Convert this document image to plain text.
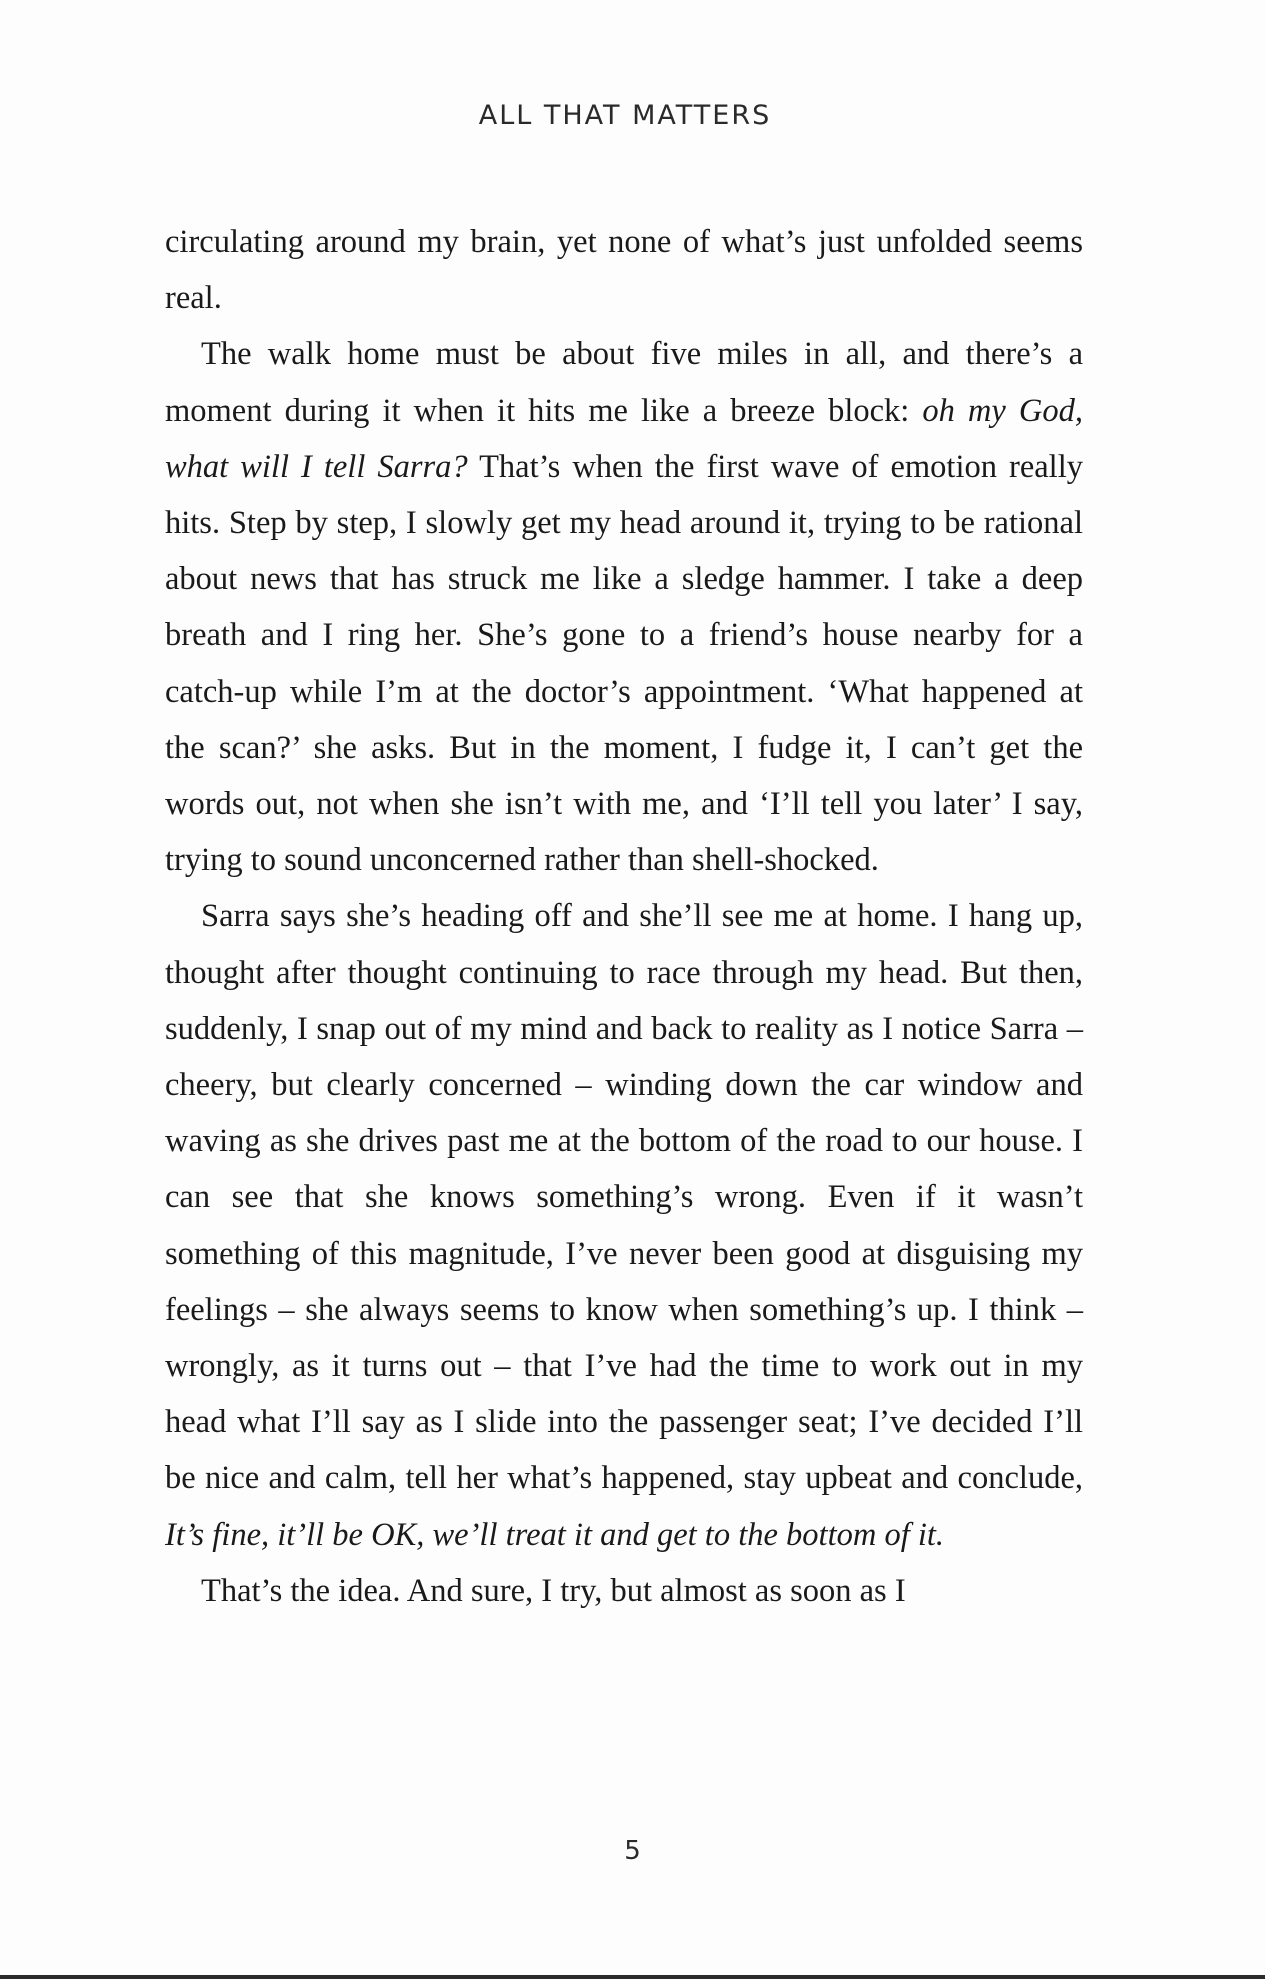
ALL THAT MATTERS

circulating around my brain, yet none of what’s just unfolded seems real.

The walk home must be about five miles in all, and there’s a moment during it when it hits me like a breeze block: oh my God, what will I tell Sarra? That’s when the first wave of emotion really hits. Step by step, I slowly get my head around it, trying to be rational about news that has struck me like a sledge hammer. I take a deep breath and I ring her. She’s gone to a friend’s house nearby for a catch-up while I’m at the doctor’s appointment. ‘What happened at the scan?’ she asks. But in the moment, I fudge it, I can’t get the words out, not when she isn’t with me, and ‘I’ll tell you later’ I say, trying to sound unconcerned rather than shell-shocked.

Sarra says she’s heading off and she’ll see me at home. I hang up, thought after thought continuing to race through my head. But then, suddenly, I snap out of my mind and back to reality as I notice Sarra – cheery, but clearly concerned – winding down the car window and waving as she drives past me at the bottom of the road to our house. I can see that she knows something’s wrong. Even if it wasn’t something of this magnitude, I’ve never been good at disguising my feelings – she always seems to know when something’s up. I think – wrongly, as it turns out – that I’ve had the time to work out in my head what I’ll say as I slide into the passenger seat; I’ve decided I’ll be nice and calm, tell her what’s happened, stay upbeat and conclude, It’s fine, it’ll be OK, we’ll treat it and get to the bottom of it.

That’s the idea. And sure, I try, but almost as soon as I

5
